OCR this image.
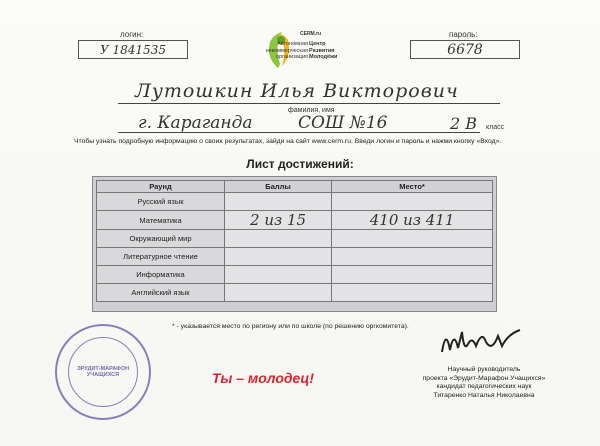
логин:
У 1841535
пароль:
6678
CERM.ru
Автономная
некоммерческая
организация
Центр
Развития
Молодёжи
Лутошкин Илья Викторович
фамилия, имя
г. Караганда	СОШ №16	2 В класс
Чтобы узнать подробную информацию о своих результатах, зайди на сайт www.cerm.ru. Введи логин и пароль и нажми кнопку «Вход».
Лист достижений:
Раунд	Баллы	Место*
Русский язык		
Математика	2 из 15	410 из 411
Окружающий мир		
Литературное чтение		
Информатика		
Английский язык		
* - указывается место по региону или по школе (по решению оргкомитета).
ЭРУДИТ-МАРАФОН
УЧАЩИХСЯ	Ты – молодец!
Научный руководитель
проекта «Эрудит-Марафон Учащихся»
кандидат педагогических наук
Титаренко Наталья Николаевна
